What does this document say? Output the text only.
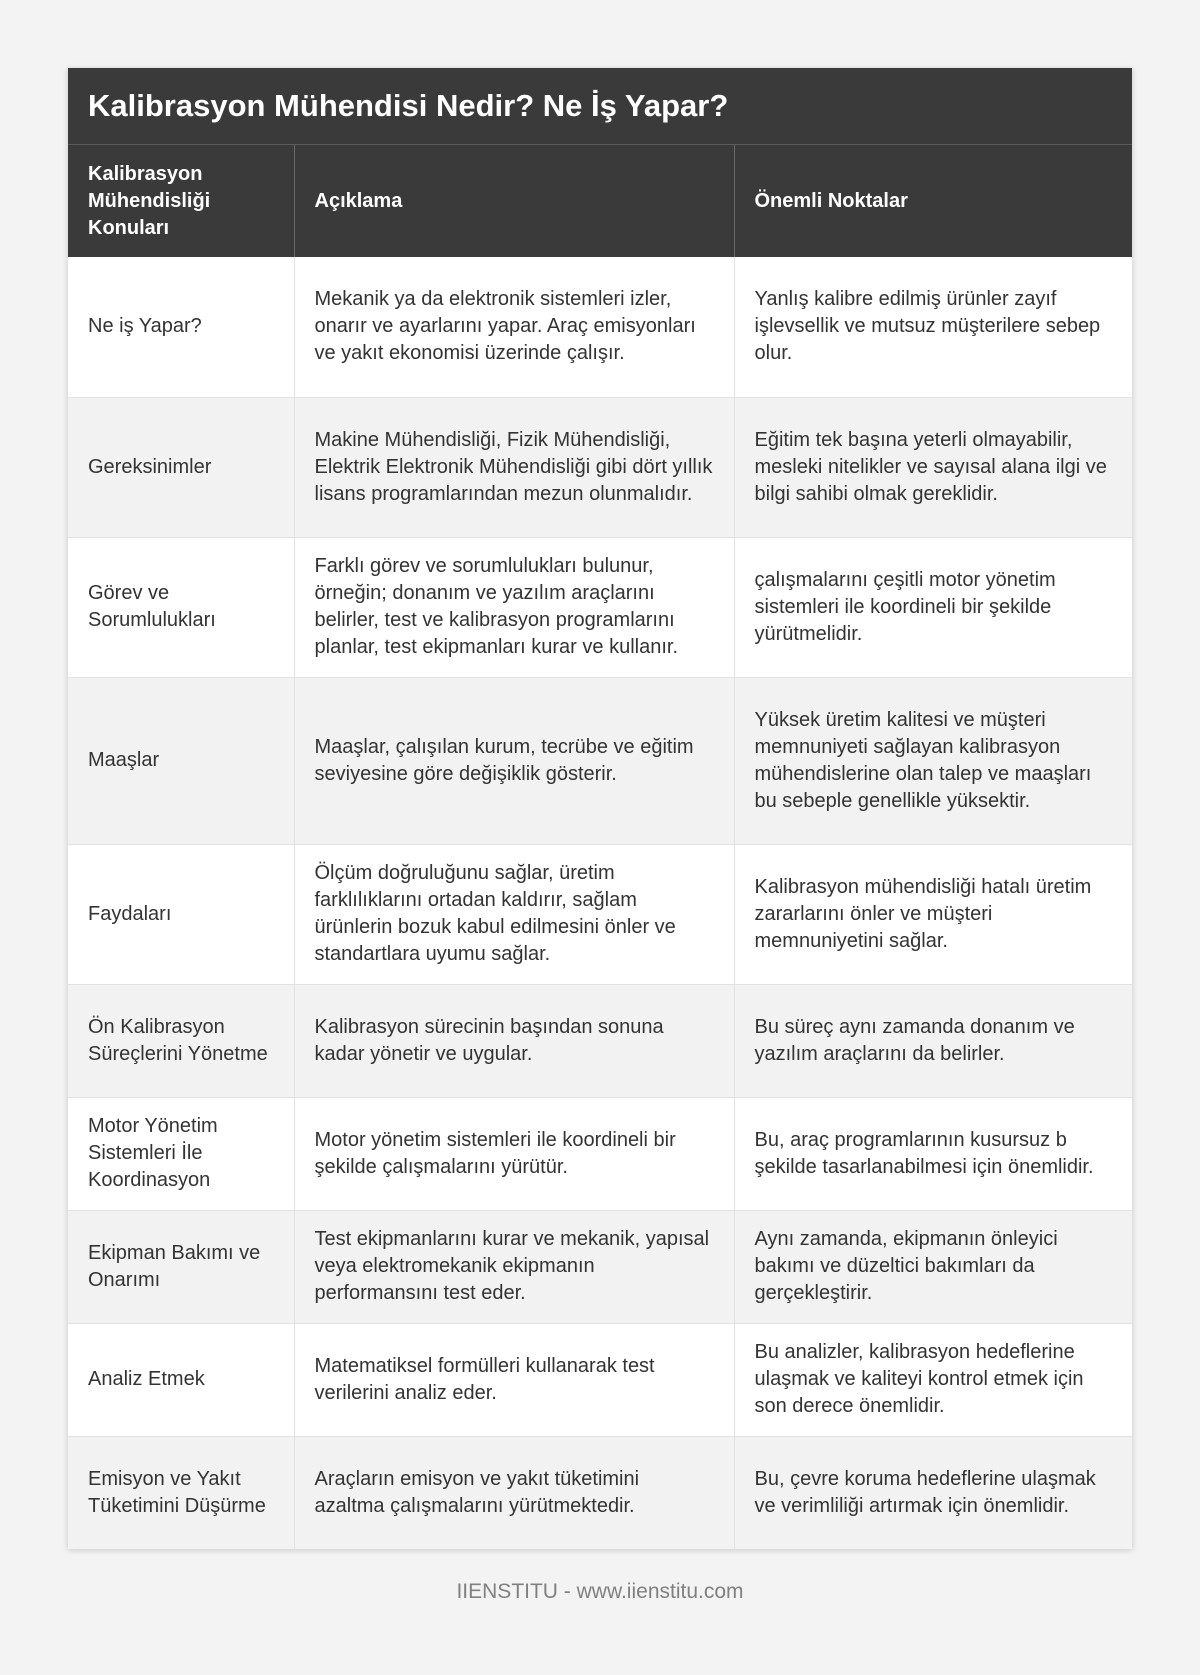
Kalibrasyon Mühendisi Nedir? Ne İş Yapar?
Kalibrasyon Mühendisliği Konuları	Açıklama	Önemli Noktalar
Ne iş Yapar?	Mekanik ya da elektronik sistemleri izler, onarır ve ayarlarını yapar. Araç emisyonları ve yakıt ekonomisi üzerinde çalışır.	Yanlış kalibre edilmiş ürünler zayıf işlevsellik ve mutsuz müşterilere sebep olur.
Gereksinimler	Makine Mühendisliği, Fizik Mühendisliği, Elektrik Elektronik Mühendisliği gibi dört yıllık lisans programlarından mezun olunmalıdır.	Eğitim tek başına yeterli olmayabilir, mesleki nitelikler ve sayısal alana ilgi ve bilgi sahibi olmak gereklidir.
Görev ve Sorumlulukları	Farklı görev ve sorumlulukları bulunur, örneğin; donanım ve yazılım araçlarını belirler, test ve kalibrasyon programlarını planlar, test ekipmanları kurar ve kullanır.	çalışmalarını çeşitli motor yönetim sistemleri ile koordineli bir şekilde yürütmelidir.
Maaşlar	Maaşlar, çalışılan kurum, tecrübe ve eğitim seviyesine göre değişiklik gösterir.	Yüksek üretim kalitesi ve müşteri memnuniyeti sağlayan kalibrasyon mühendislerine olan talep ve maaşları bu sebeple genellikle yüksektir.
Faydaları	Ölçüm doğruluğunu sağlar, üretim farklılıklarını ortadan kaldırır, sağlam ürünlerin bozuk kabul edilmesini önler ve standartlara uyumu sağlar.	Kalibrasyon mühendisliği hatalı üretim zararlarını önler ve müşteri memnuniyetini sağlar.
Ön Kalibrasyon Süreçlerini Yönetme	Kalibrasyon sürecinin başından sonuna kadar yönetir ve uygular.	Bu süreç aynı zamanda donanım ve yazılım araçlarını da belirler.
Motor Yönetim Sistemleri İle Koordinasyon	Motor yönetim sistemleri ile koordineli bir şekilde çalışmalarını yürütür.	Bu, araç programlarının kusursuz b şekilde tasarlanabilmesi için önemlidir.
Ekipman Bakımı ve Onarımı	Test ekipmanlarını kurar ve mekanik, yapısal veya elektromekanik ekipmanın performansını test eder.	Aynı zamanda, ekipmanın önleyici bakımı ve düzeltici bakımları da gerçekleştirir.
Analiz Etmek	Matematiksel formülleri kullanarak test verilerini analiz eder.	Bu analizler, kalibrasyon hedeflerine ulaşmak ve kaliteyi kontrol etmek için son derece önemlidir.
Emisyon ve Yakıt Tüketimini Düşürme	Araçların emisyon ve yakıt tüketimini azaltma çalışmalarını yürütmektedir.	Bu, çevre koruma hedeflerine ulaşmak ve verimliliği artırmak için önemlidir.
IIENSTITU - www.iienstitu.com
